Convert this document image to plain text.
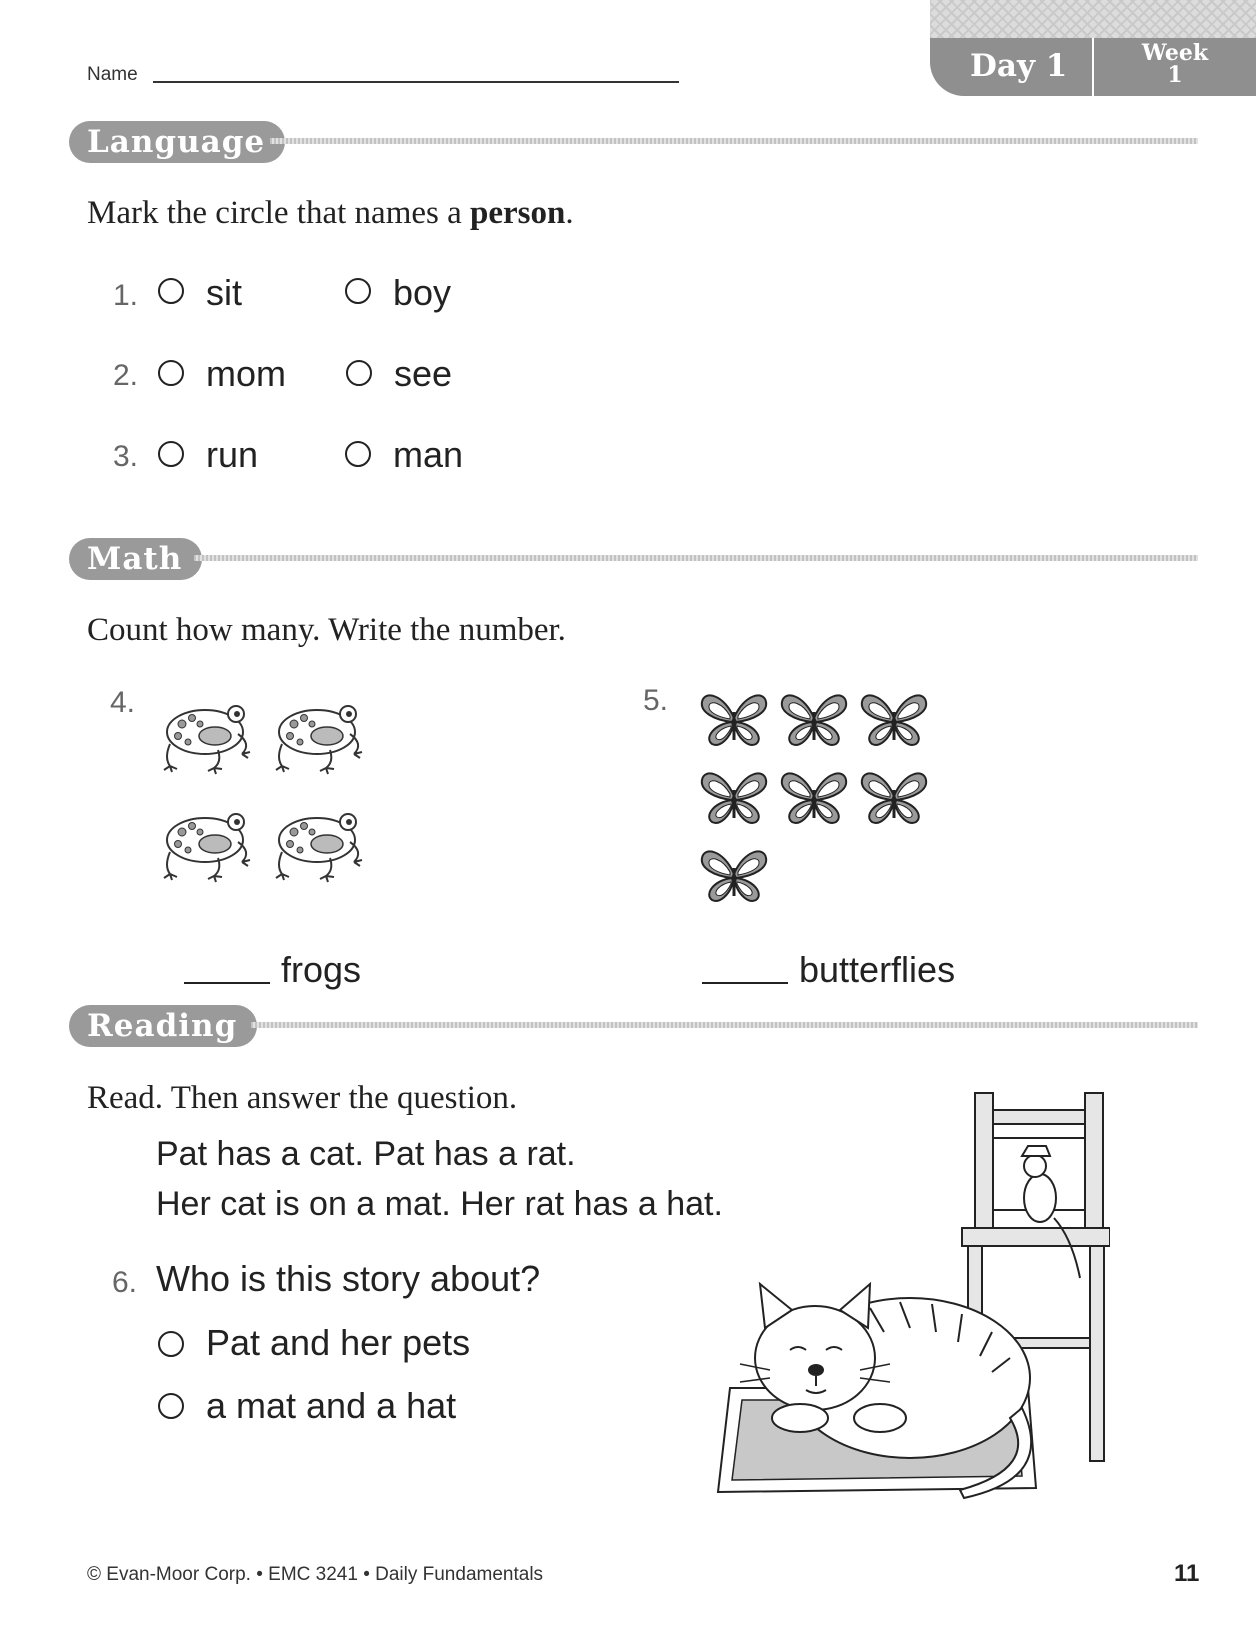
Name	Day 1	Week
1
Language
Mark the circle that names a person.
1. sit	boy
2. mom	see
3. run	man
Math
Count how many. Write the number.
4.	5.
frogs	butterflies
Reading
Read. Then answer the question.
Pat has a cat. Pat has a rat.
Her cat is on a mat. Her rat has a hat.
6. Who is this story about?
Pat and her pets
a mat and a hat
© Evan-Moor Corp. • EMC 3241 • Daily Fundamentals	11
